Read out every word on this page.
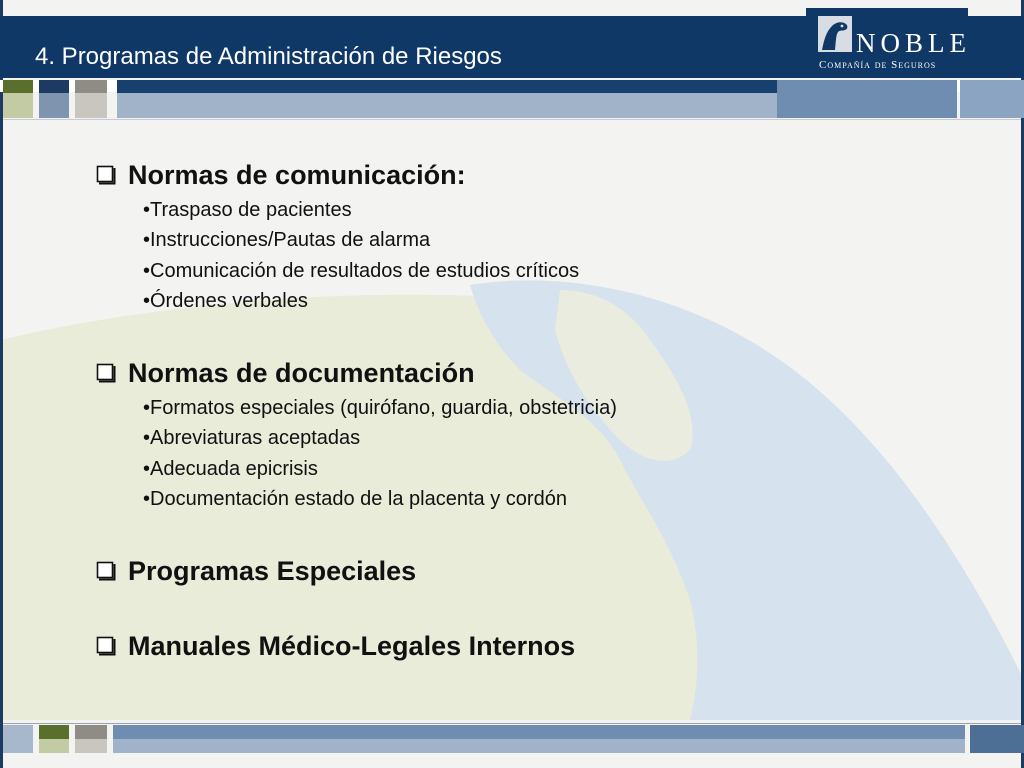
4. Programas de Administración de Riesgos	NOBLE
Compañía de Seguros
Normas de comunicación:
•Traspaso de pacientes
•Instrucciones/Pautas de alarma
•Comunicación de resultados de estudios críticos
•Órdenes verbales
Normas de documentación
•Formatos especiales (quirófano, guardia, obstetricia)
•Abreviaturas aceptadas
•Adecuada epicrisis
•Documentación estado de la placenta y cordón
Programas Especiales
Manuales Médico-Legales Internos
